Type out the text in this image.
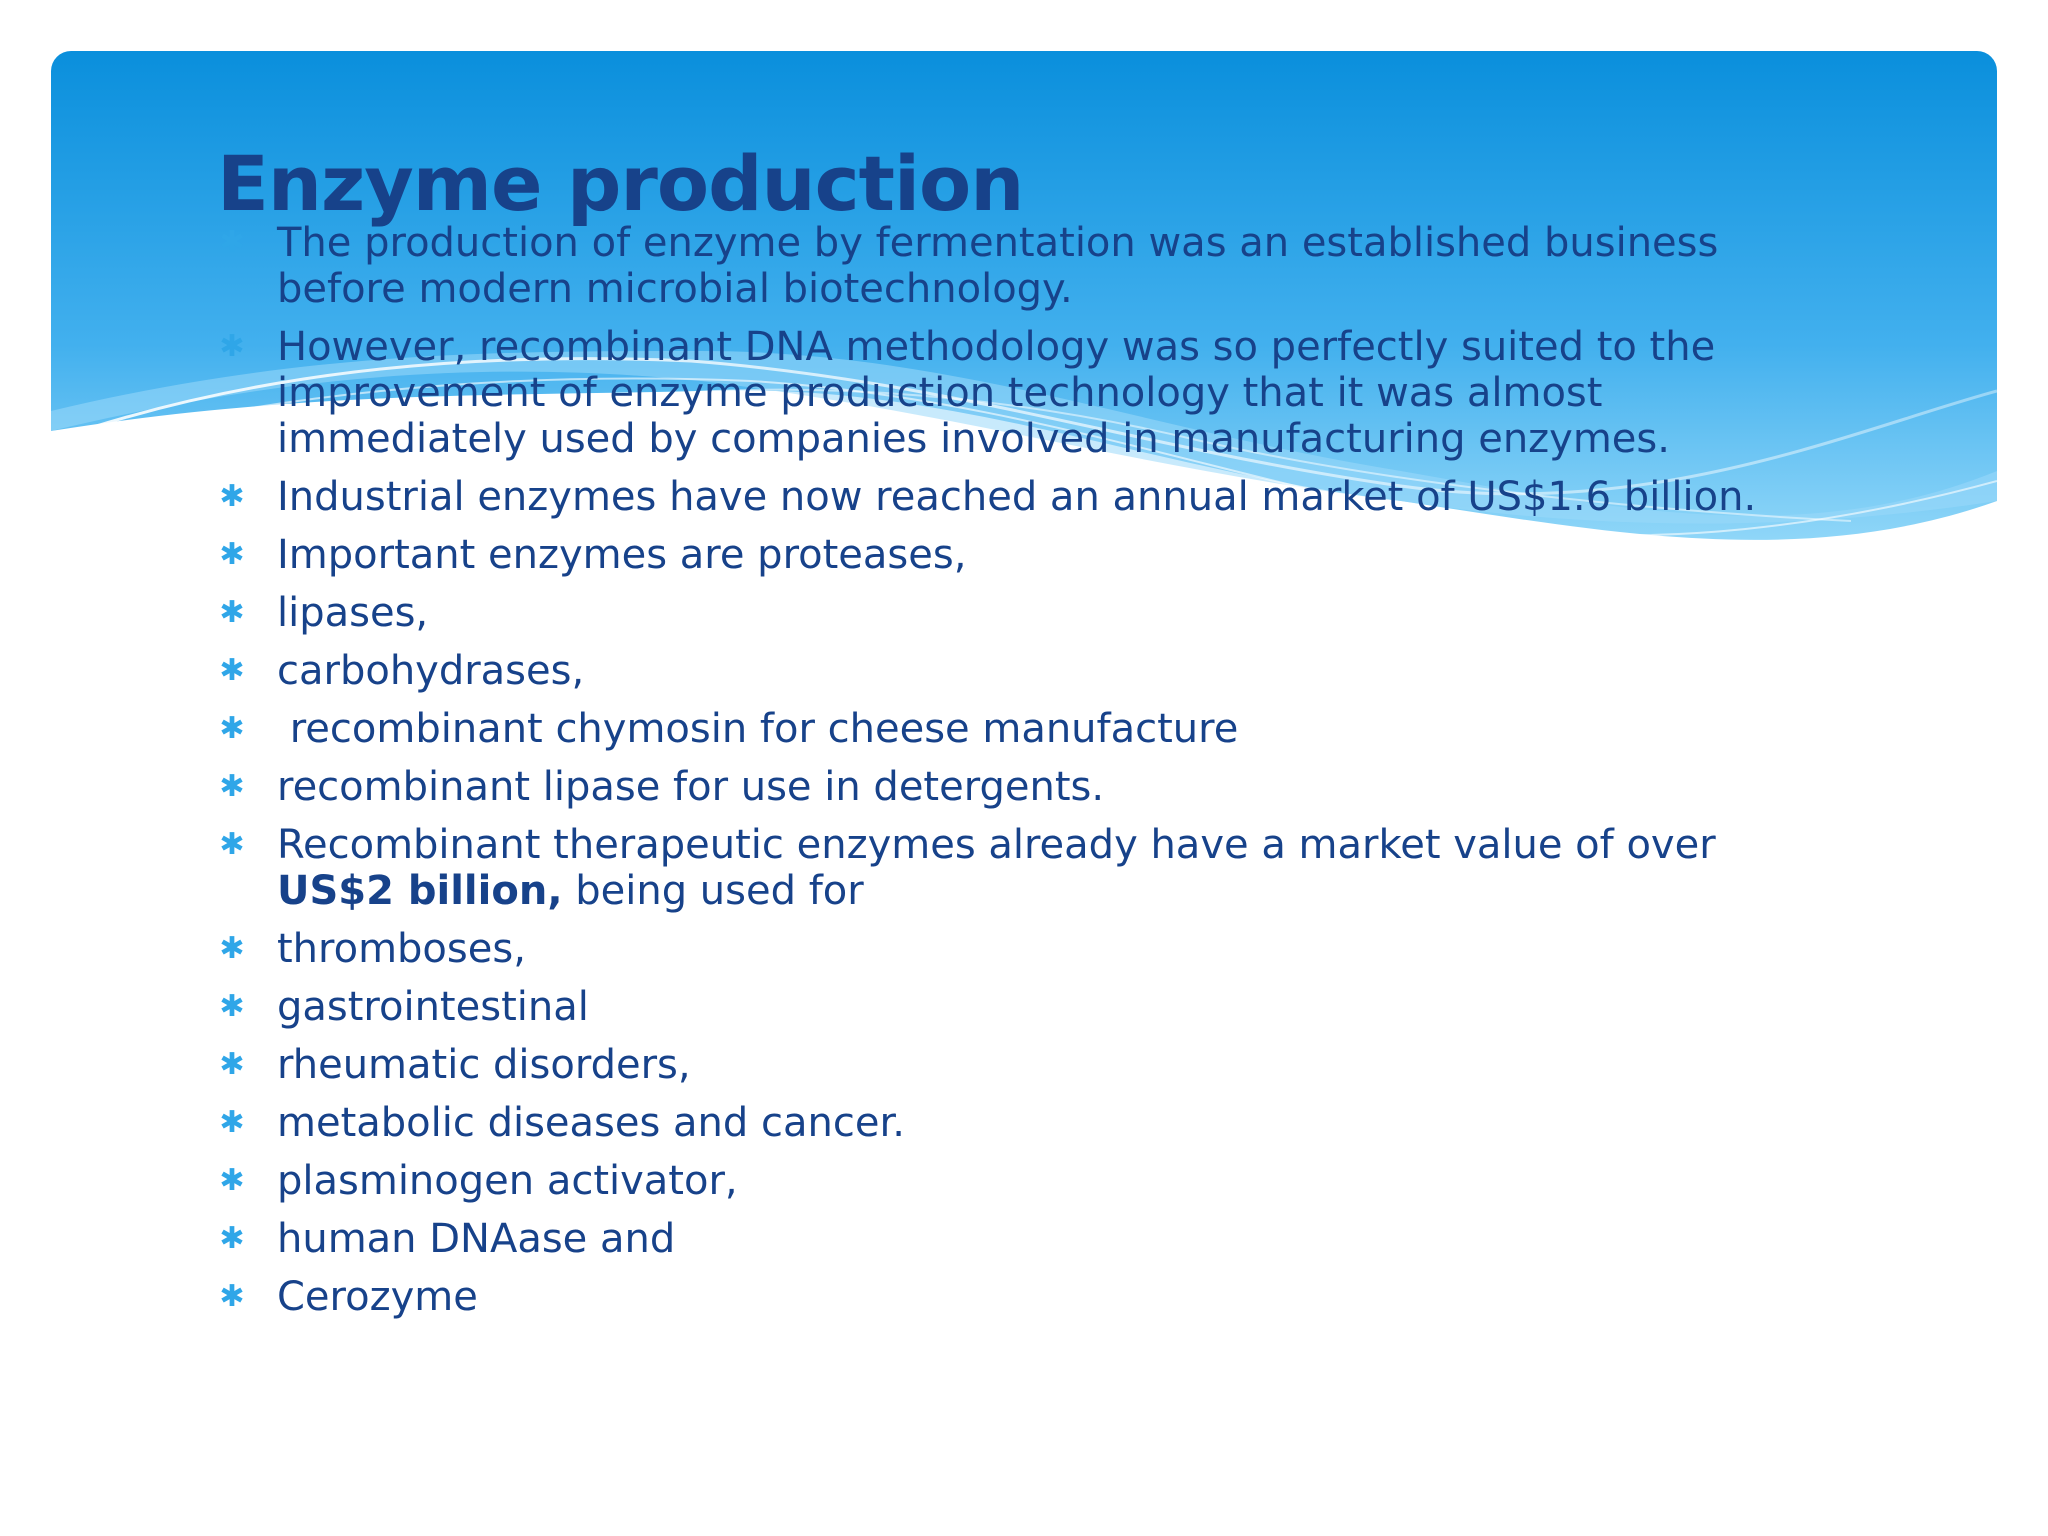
Enzyme production
✱ The production of enzyme by fermentation was an established business before modern microbial biotechnology.
✱ However, recombinant DNA methodology was so perfectly suited to the improvement of enzyme production technology that it was almost immediately used by companies involved in manufacturing enzymes.
✱ Industrial enzymes have now reached an annual market of US$1.6 billion.
✱ Important enzymes are proteases,
✱ lipases,
✱ carbohydrases,
✱ recombinant chymosin for cheese manufacture
✱ recombinant lipase for use in detergents.
✱ Recombinant therapeutic enzymes already have a market value of over US$2 billion, being used for
✱ thromboses,
✱ gastrointestinal
✱ rheumatic disorders,
✱ metabolic diseases and cancer.
✱ plasminogen activator,
✱ human DNAase and
✱ Cerozyme
